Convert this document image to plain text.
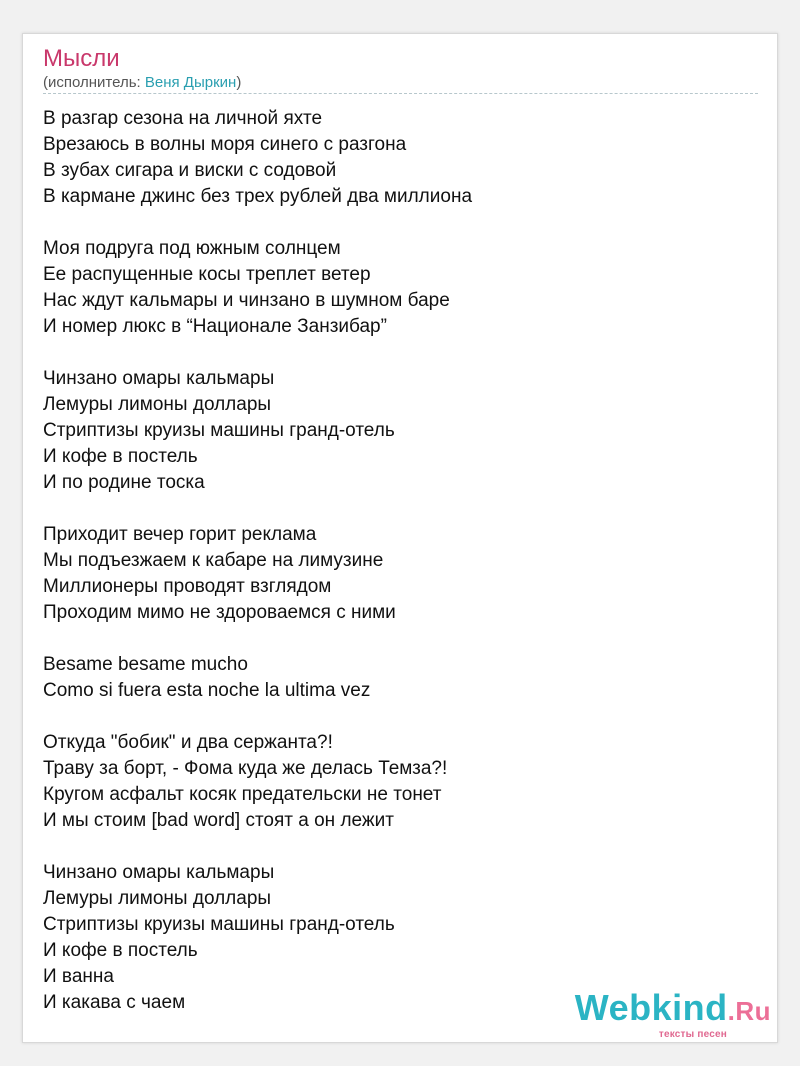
Мысли
(исполнитель: Веня Дыркин)
В разгар сезона на личной яхте
Врезаюсь в волны моря синего с разгона
В зубах сигара и виски с содовой
В кармане джинс без трех рублей два миллиона
Моя подруга под южным солнцем
Ее распущенные косы треплет ветер
Нас ждут кальмары и чинзано в шумном баре
И номер люкс в “Национале Занзибар”
Чинзано омары кальмары
Лемуры лимоны доллары
Стриптизы круизы машины гранд-отель
И кофе в постель
И по родине тоска
Приходит вечер горит реклама
Мы подъезжаем к кабаре на лимузине
Миллионеры проводят взглядом
Проходим мимо не здороваемся с ними
Besame besame mucho
Como si fuera esta noche la ultima vez
Откуда "бобик" и два сержанта?!
Траву за борт, - Фома куда же делась Темза?!
Кругом асфальт косяк предательски не тонет
И мы стоим [bad word] стоят а он лежит
Чинзано омары кальмары
Лемуры лимоны доллары
Стриптизы круизы машины гранд-отель
И кофе в постель
И ванна
И какава с чаем	Webkind.Ru
тексты песен
